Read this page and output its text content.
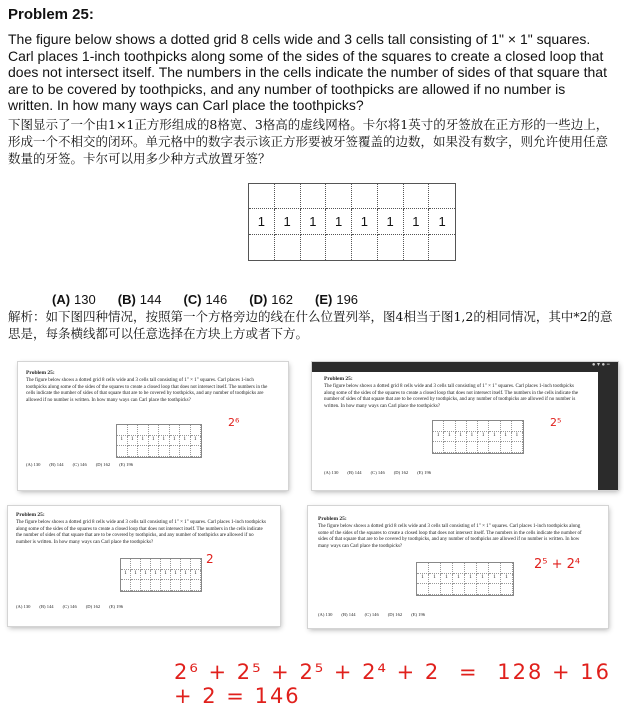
Problem 25:
The figure below shows a dotted grid 8 cells wide and 3 cells tall consisting of 1" × 1" squares. Carl places 1-inch toothpicks along some of the sides of the squares to create a closed loop that does not intersect itself. The numbers in the cells indicate the number of sides of that square that are to be covered by toothpicks, and any number of toothpicks are allowed if no number is written. In how many ways can Carl place the toothpicks?
下图显示了一个由1×1正方形组成的8格宽、3格高的虚线网格。卡尔将1英寸的牙签放在正方形的一些边上，形成一个不相交的闭环。单元格中的数字表示该正方形要被牙签覆盖的边数，如果没有数字，则允许使用任意数量的牙签。卡尔可以用多少种方式放置牙签？
1	1	1	1	1	1	1	1
(A) 130 (B) 144 (C) 146 (D) 162 (E) 196
解析：如下图四种情况，按照第一个方格旁边的线在什么位置列举，图4相当于图1,2的相同情况，其中*2的意思是，每条横线都可以任意选择在方块上方或者下方。
Problem 25:
The figure below shows a dotted grid 8 cells wide and 3 cells tall consisting of 1" × 1" squares. Carl places 1-inch toothpicks along some of the sides of the squares to create a closed loop that does not intersect itself. The numbers in the cells indicate the number of sides of that square that are to be covered by toothpicks, and any number of toothpicks are allowed if no number is written. In how many ways can Carl place the toothpicks?
1	1	1	1	1	1	1	1
(A) 130 (B) 144 (C) 146 (D) 162 (E) 196
2⁶
● ▾ ● ≡
Problem 25:
The figure below shows a dotted grid 8 cells wide and 3 cells tall consisting of 1" × 1" squares. Carl places 1-inch toothpicks along some of the sides of the squares to create a closed loop that does not intersect itself. The numbers in the cells indicate the number of sides of that square that are to be covered by toothpicks, and any number of toothpicks are allowed if no number is written. In how many ways can Carl place the toothpicks?
1	1	1	1	1	1	1	1
(A) 130 (B) 144 (C) 146 (D) 162 (E) 196
2⁵
Problem 25:
The figure below shows a dotted grid 8 cells wide and 3 cells tall consisting of 1" × 1" squares. Carl places 1-inch toothpicks along some of the sides of the squares to create a closed loop that does not intersect itself. The numbers in the cells indicate the number of sides of that square that are to be covered by toothpicks, and any number of toothpicks are allowed if no number is written. In how many ways can Carl place the toothpicks?
1	1	1	1	1	1	1	1
(A) 130 (B) 144 (C) 146 (D) 162 (E) 196
2
Problem 25:
The figure below shows a dotted grid 8 cells wide and 3 cells tall consisting of 1" × 1" squares. Carl places 1-inch toothpicks along some of the sides of the squares to create a closed loop that does not intersect itself. The numbers in the cells indicate the number of sides of that square that are to be covered by toothpicks, and any number of toothpicks are allowed if no number is written. In how many ways can Carl place the toothpicks?
1	1	1	1	1	1	1	1
(A) 130 (B) 144 (C) 146 (D) 162 (E) 196
2⁵ + 2⁴
2⁶ + 2⁵ + 2⁵ + 2⁴ + 2 = 128 + 16 + 2 = 146
